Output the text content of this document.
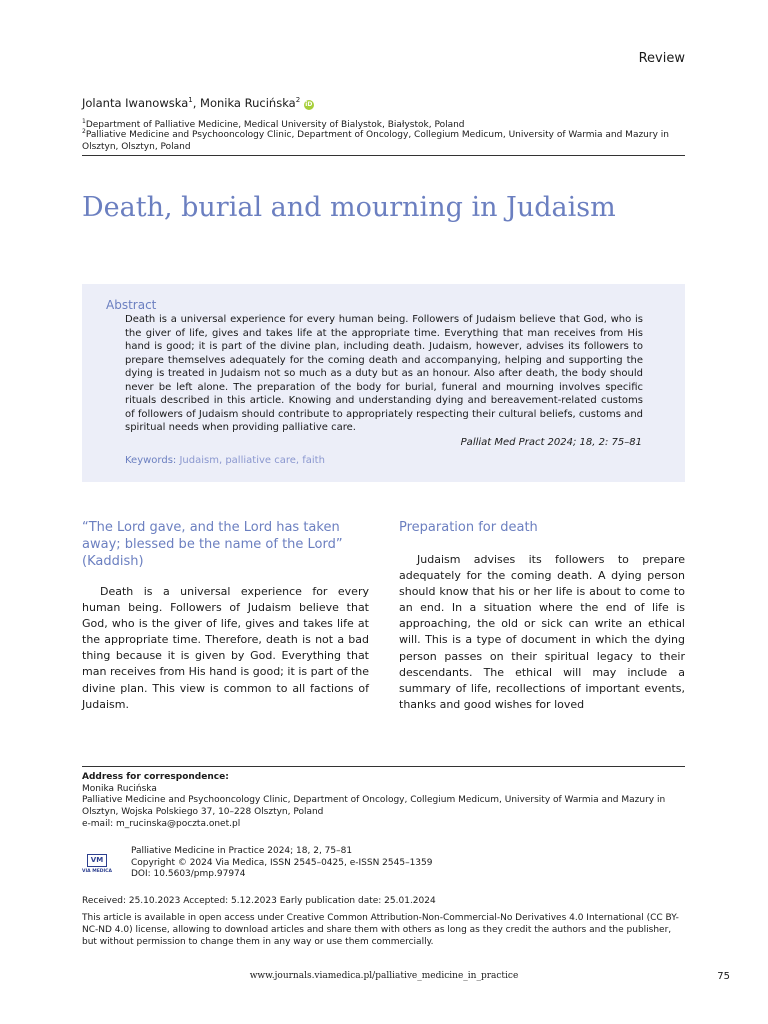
Review
Jolanta Iwanowska$^1$, Monika Rucińska$^2$ iD
$^1$Department of Palliative Medicine, Medical University of Bialystok, Białystok, Poland
$^2$Palliative Medicine and Psychooncology Clinic, Department of Oncology, Collegium Medicum, University of Warmia and Mazury in Olsztyn, Olsztyn, Poland
Death, burial and mourning in Judaism
Abstract
Death is a universal experience for every human being. Followers of Judaism believe that God, who is the giver of life, gives and takes life at the appropriate time. Everything that man receives from His hand is good; it is part of the divine plan, including death. Judaism, however, advises its followers to prepare themselves adequately for the coming death and accompanying, helping and supporting the dying is treated in Judaism not so much as a duty but as an honour. Also after death, the body should never be left alone. The preparation of the body for burial, funeral and mourning involves specific rituals described in this article. Knowing and understanding dying and bereavement-related customs of followers of Judaism should contribute to appropriately respecting their cultural beliefs, customs and spiritual needs when providing palliative care.
Palliat Med Pract 2024; 18, 2: 75–81
Keywords: Judaism, palliative care, faith
“The Lord gave, and the Lord has taken away; blessed be the name of the Lord” (Kaddish)
Death is a universal experience for every human being. Followers of Judaism believe that God, who is the giver of life, gives and takes life at the appropriate time. Therefore, death is not a bad thing because it is given by God. Everything that man receives from His hand is good; it is part of the divine plan. This view is common to all factions of Judaism.
Preparation for death
Judaism advises its followers to prepare adequately for the coming death. A dying person should know that his or her life is about to come to an end. In a situation where the end of life is approaching, the old or sick can write an ethical will. This is a type of document in which the dying person passes on their spiritual legacy to their descendants. The ethical will may include a summary of life, recollections of important events, thanks and good wishes for loved
Address for correspondence:
Monika Rucińska
Palliative Medicine and Psychooncology Clinic, Department of Oncology, Collegium Medicum, University of Warmia and Mazury in Olsztyn, Wojska Polskiego 37, 10–228 Olsztyn, Poland
e-mail: m_rucinska@poczta.onet.pl
VM
VIA MEDICA
Palliative Medicine in Practice 2024; 18, 2, 75–81
Copyright © 2024 Via Medica, ISSN 2545–0425, e-ISSN 2545–1359
DOI: 10.5603/pmp.97974
Received: 25.10.2023 Accepted: 5.12.2023 Early publication date: 25.01.2024
This article is available in open access under Creative Common Attribution-Non-Commercial-No Derivatives 4.0 International (CC BY-NC-ND 4.0) license, allowing to download articles and share them with others as long as they credit the authors and the publisher, but without permission to change them in any way or use them commercially.
www.journals.viamedica.pl/palliative_medicine_in_practice	75
